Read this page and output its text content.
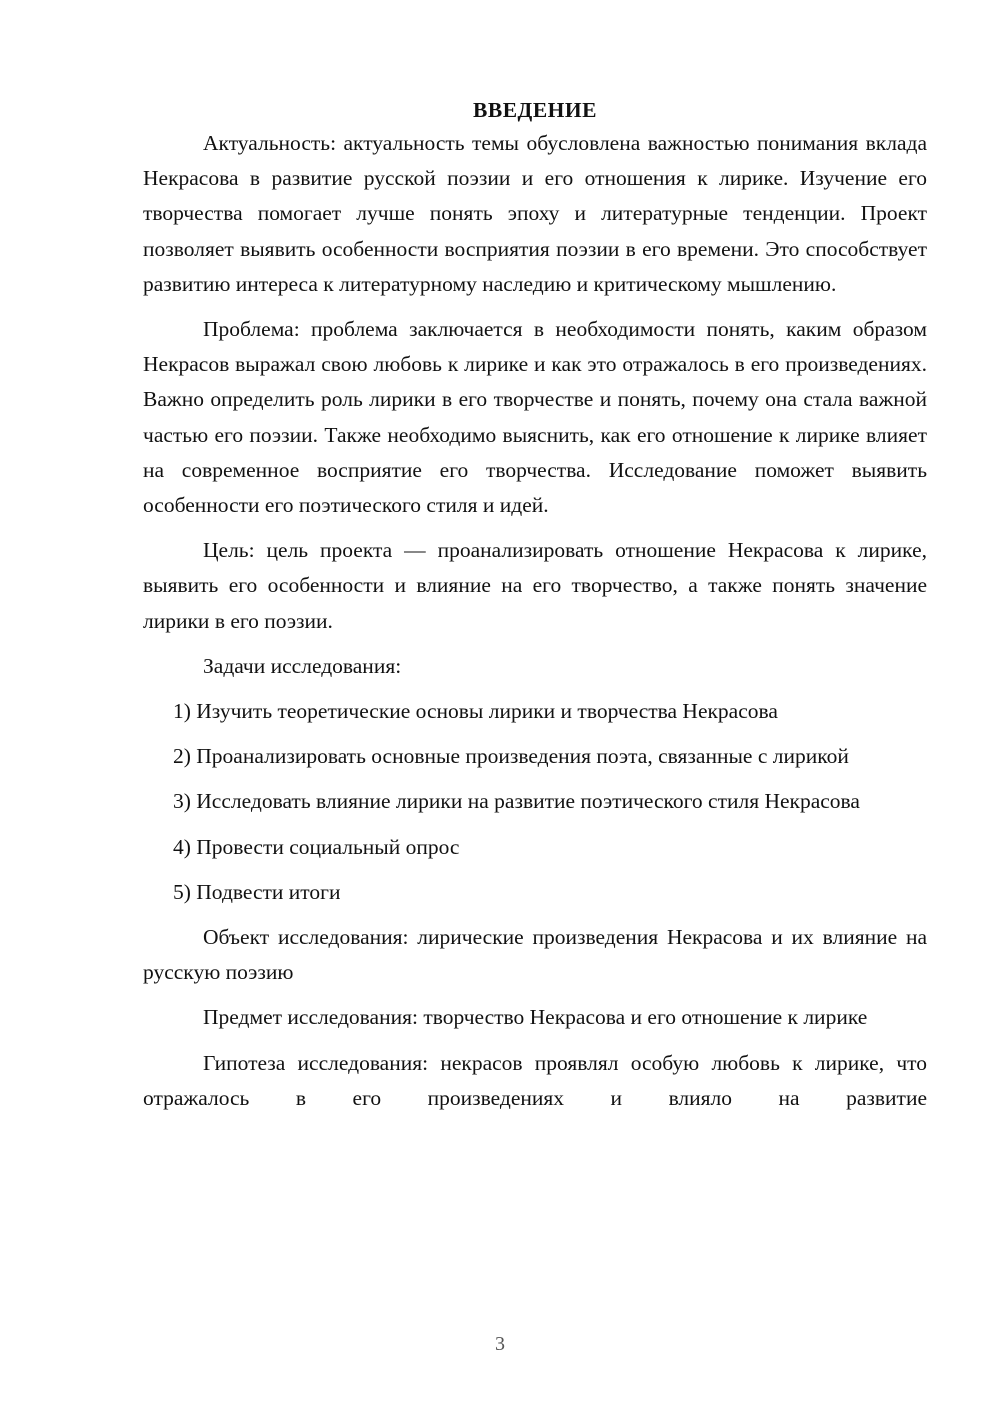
ВВЕДЕНИЕ

Актуальность: актуальность темы обусловлена важностью понимания вклада Некрасова в развитие русской поэзии и его отношения к лирике. Изучение его творчества помогает лучше понять эпоху и литературные тенденции. Проект позволяет выявить особенности восприятия поэзии в его времени. Это способствует развитию интереса к литературному наследию и критическому мышлению.

Проблема: проблема заключается в необходимости понять, каким образом Некрасов выражал свою любовь к лирике и как это отражалось в его произведениях. Важно определить роль лирики в его творчестве и понять, почему она стала важной частью его поэзии. Также необходимо выяснить, как его отношение к лирике влияет на современное восприятие его творчества. Исследование поможет выявить особенности его поэтического стиля и идей.

Цель: цель проекта — проанализировать отношение Некрасова к лирике, выявить его особенности и влияние на его творчество, а также понять значение лирики в его поэзии.

Задачи исследования:

1) Изучить теоретические основы лирики и творчества Некрасова

2) Проанализировать основные произведения поэта, связанные с лирикой

3) Исследовать влияние лирики на развитие поэтического стиля Некрасова

4) Провести социальный опрос

5) Подвести итоги

Объект исследования: лирические произведения Некрасова и их влияние на русскую поэзию

Предмет исследования: творчество Некрасова и его отношение к лирике

Гипотеза исследования: некрасов проявлял особую любовь к лирике, что отражалось в его произведениях и влияло на развитие

3
